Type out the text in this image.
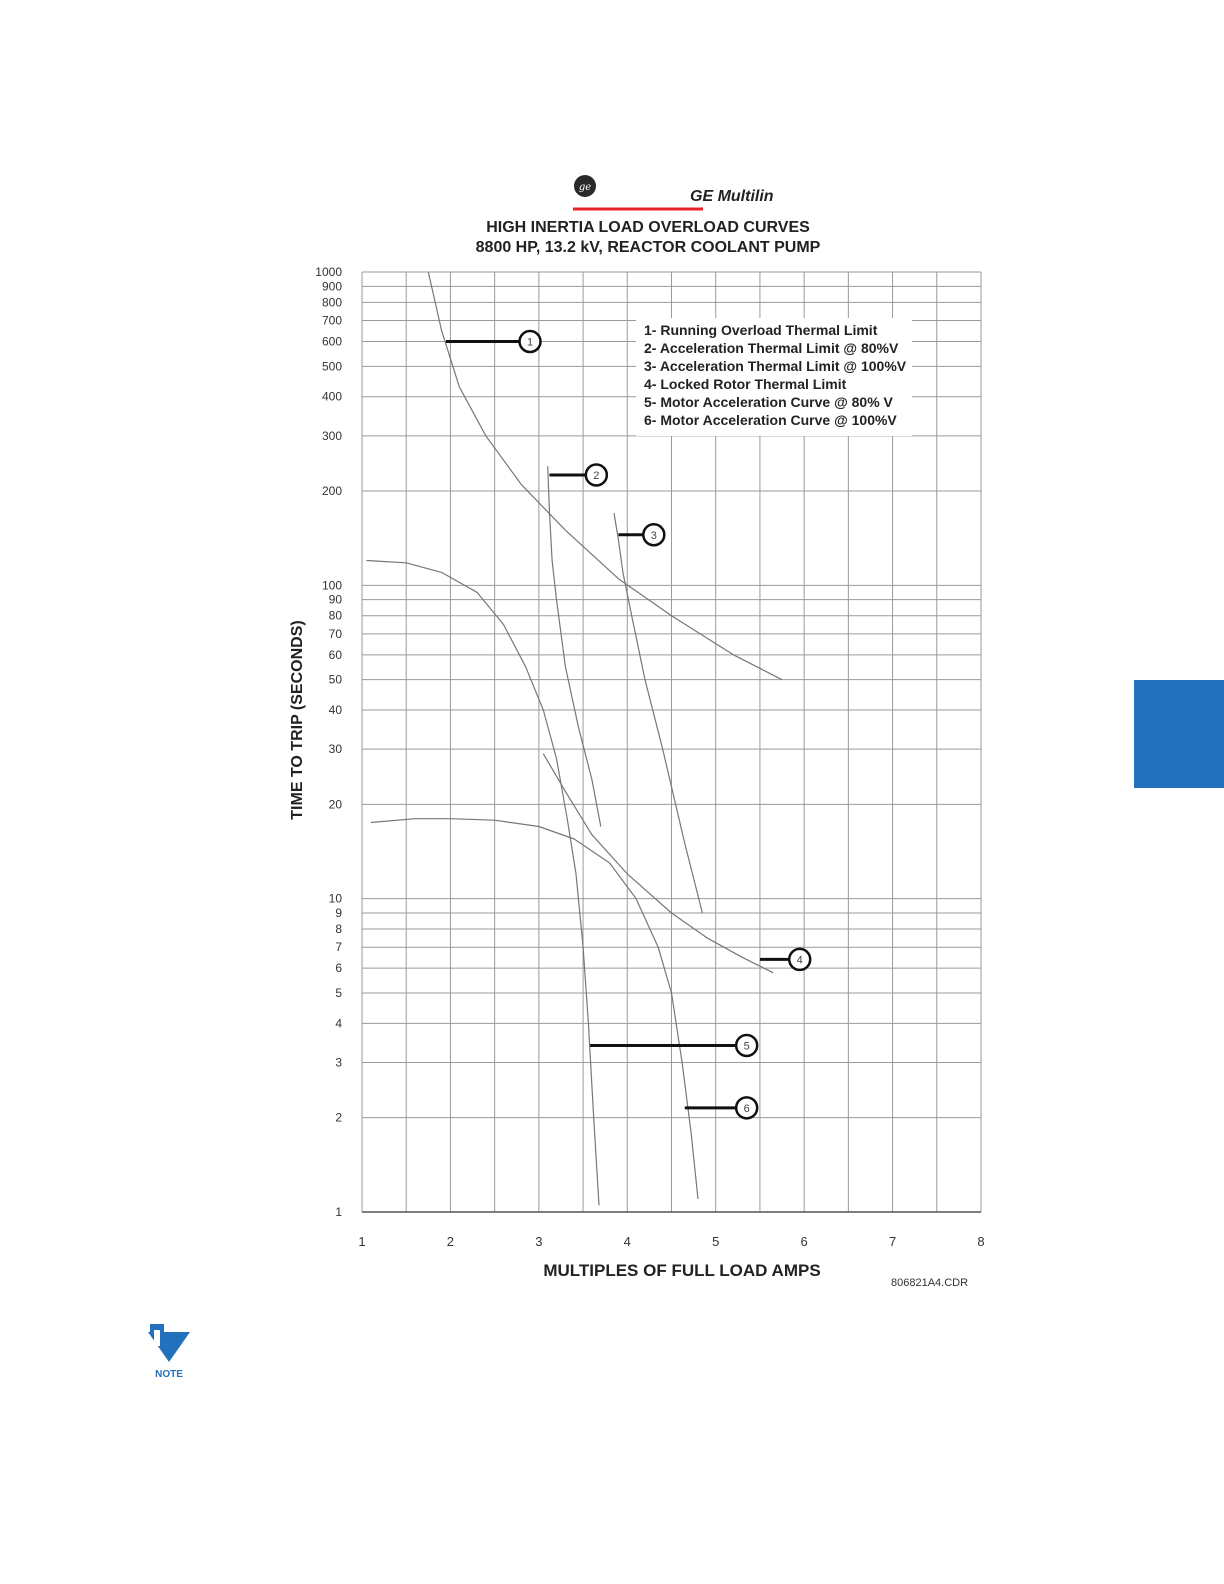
ge
GE Multilin
HIGH INERTIA LOAD OVERLOAD CURVES
8800 HP, 13.2 kV, REACTOR COOLANT PUMP
1
2
3
4
5
6
7
8
9
10
20
30
40
50
60
70
80
90
100
200
300
400
500
600
700
800
900
1000
1	2	3	4	5	6	7	8
1- Running Overload Thermal Limit
2- Acceleration Thermal Limit @ 80%V
3- Acceleration Thermal Limit @ 100%V
4- Locked Rotor Thermal Limit
5- Motor Acceleration Curve @ 80% V
6- Motor Acceleration Curve @ 100%V
1
2
3
4
5
6
MULTIPLES OF FULL LOAD AMPS
TIME TO TRIP (SECONDS)
806821A4.CDR
NOTE
